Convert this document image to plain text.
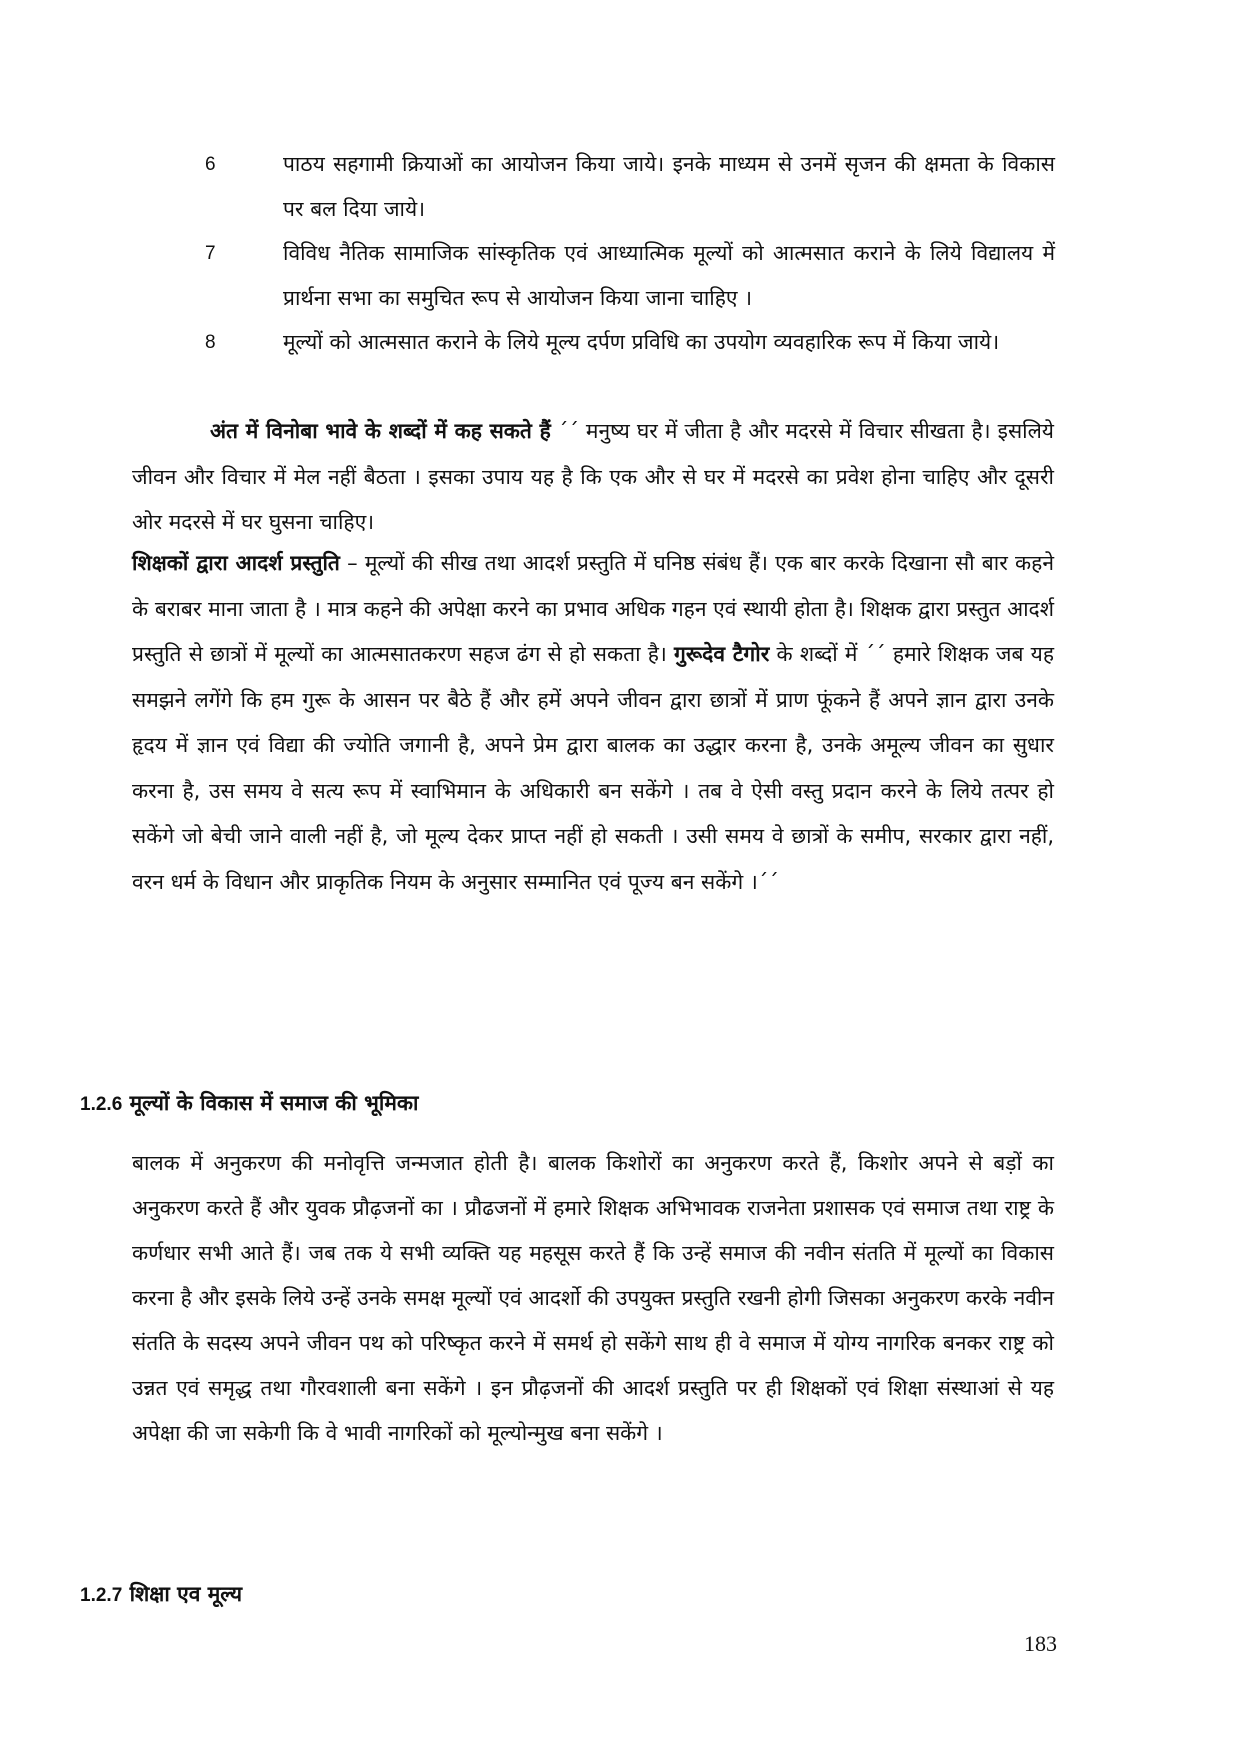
6	पाठय सहगामी क्रियाओं का आयोजन किया जाये। इनके माध्यम से उनमें सृजन की क्षमता के विकास पर बल दिया जाये।
7	विविध नैतिक सामाजिक सांस्कृतिक एवं आध्यात्मिक मूल्यों को आत्मसात कराने के लिये विद्यालय में प्रार्थना सभा का समुचित रूप से आयोजन किया जाना चाहिए ।
8	मूल्यों को आत्मसात कराने के लिये मूल्य दर्पण प्रविधि का उपयोग व्यवहारिक रूप में किया जाये।

अंत में विनोबा भावे के शब्दों में कह सकते हैं ´´ मनुष्य घर में जीता है और मदरसे में विचार सीखता है। इसलिये जीवन और विचार में मेल नहीं बैठता । इसका उपाय यह है कि एक और से घर में मदरसे का प्रवेश होना चाहिए और दूसरी ओर मदरसे में घर घुसना चाहिए।

शिक्षकों द्वारा आदर्श प्रस्तुति – मूल्यों की सीख तथा आदर्श प्रस्तुति में घनिष्ठ संबंध हैं। एक बार करके दिखाना सौ बार कहने के बराबर माना जाता है । मात्र कहने की अपेक्षा करने का प्रभाव अधिक गहन एवं स्थायी होता है। शिक्षक द्वारा प्रस्तुत आदर्श प्रस्तुति से छात्रों में मूल्यों का आत्मसातकरण सहज ढंग से हो सकता है। गुरूदेव टैगोर के शब्दों में ´´ हमारे शिक्षक जब यह समझने लगेंगे कि हम गुरू के आसन पर बैठे हैं और हमें अपने जीवन द्वारा छात्रों में प्राण फूंकने हैं अपने ज्ञान द्वारा उनके हृदय में ज्ञान एवं विद्या की ज्योति जगानी है, अपने प्रेम द्वारा बालक का उद्धार करना है, उनके अमूल्य जीवन का सुधार करना है, उस समय वे सत्य रूप में स्वाभिमान के अधिकारी बन सकेंगे । तब वे ऐसी वस्तु प्रदान करने के लिये तत्पर हो सकेंगे जो बेची जाने वाली नहीं है, जो मूल्य देकर प्राप्त नहीं हो सकती । उसी समय वे छात्रों के समीप, सरकार द्वारा नहीं, वरन धर्म के विधान और प्राकृतिक नियम के अनुसार सम्मानित एवं पूज्य बन सकेंगे ।´´

1.2.6 मूल्यों के विकास में समाज की भूमिका

बालक में अनुकरण की मनोवृत्ति जन्मजात होती है। बालक किशोरों का अनुकरण करते हैं, किशोर अपने से बड़ों का अनुकरण करते हैं और युवक प्रौढ़जनों का । प्रौढजनों में हमारे शिक्षक अभिभावक राजनेता प्रशासक एवं समाज तथा राष्ट्र के कर्णधार सभी आते हैं। जब तक ये सभी व्यक्ति यह महसूस करते हैं कि उन्हें समाज की नवीन संतति में मूल्यों का विकास करना है और इसके लिये उन्हें उनके समक्ष मूल्यों एवं आदर्शो की उपयुक्त प्रस्तुति रखनी होगी जिसका अनुकरण करके नवीन संतति के सदस्य अपने जीवन पथ को परिष्कृत करने में समर्थ हो सकेंगे साथ ही वे समाज में योग्य नागरिक बनकर राष्ट्र को उन्नत एवं समृद्ध तथा गौरवशाली बना सकेंगे । इन प्रौढ़जनों की आदर्श प्रस्तुति पर ही शिक्षकों एवं शिक्षा संस्थाआं से यह अपेक्षा की जा सकेगी कि वे भावी नागरिकों को मूल्योन्मुख बना सकेंगे ।

1.2.7 शिक्षा एव मूल्य
183
